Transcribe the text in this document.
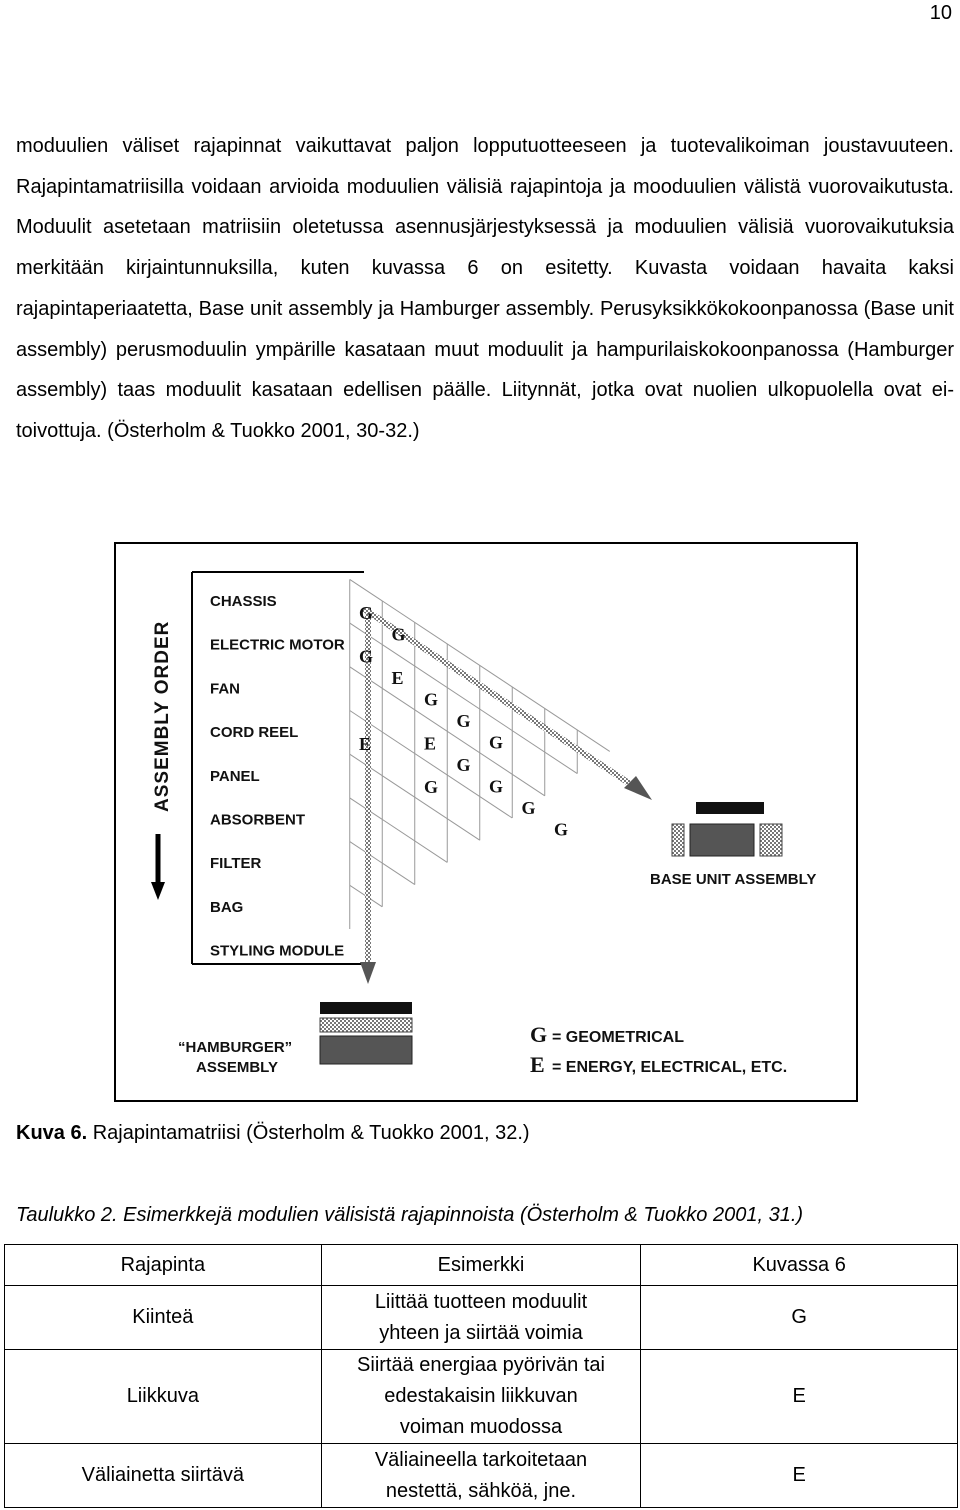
10

moduulien väliset rajapinnat vaikuttavat paljon lopputuotteeseen ja tuotevalikoiman joustavuuteen. Rajapintamatriisilla voidaan arvioida moduulien välisiä rajapintoja ja mooduulien välistä vuorovaikutusta. Moduulit asetetaan matriisiin oletetussa asennusjärjestyksessä ja moduulien välisiä vuorovaikutuksia merkitään kirjaintunnuksilla, kuten kuvassa 6 on esitetty. Kuvasta voidaan havaita kaksi rajapintaperiaatetta, Base unit assembly ja Hamburger assembly. Perusyksikkökokoonpanossa (Base unit assembly) perusmoduulin ympärille kasataan muut moduulit ja hampurilaiskokoonpanossa (Hamburger assembly) taas moduulit kasataan edellisen päälle. Liitynnät, jotka ovat nuolien ulkopuolella ovat ei-toivottuja. (Österholm & Tuokko 2001, 30-32.)

ASSEMBLY ORDER
CHASSIS
ELECTRIC MOTOR
FAN
CORD REEL
PANEL
ABSORBENT
FILTER
BAG
STYLING MODULE
G
G
E
G
G
G
E	G
G
G
E
G
G
G
BASE UNIT ASSEMBLY
“HAMBURGER”
ASSEMBLY
G = GEOMETRICAL
E = ENERGY, ELECTRICAL, ETC.
Kuva 6. Rajapintamatriisi (Österholm & Tuokko 2001, 32.)
Taulukko 2. Esimerkkejä modulien välisistä rajapinnoista (Österholm & Tuokko 2001, 31.)
Rajapinta	Esimerkki	Kuvassa 6
Kiinteä	Liittää tuotteen moduulit
yhteen ja siirtää voimia	G
Liikkuva	Siirtää energiaa pyörivän tai
edestakaisin liikkuvan
voiman muodossa	E
Väliainetta siirtävä	Väliaineella tarkoitetaan
nestettä, sähköä, jne.	E
